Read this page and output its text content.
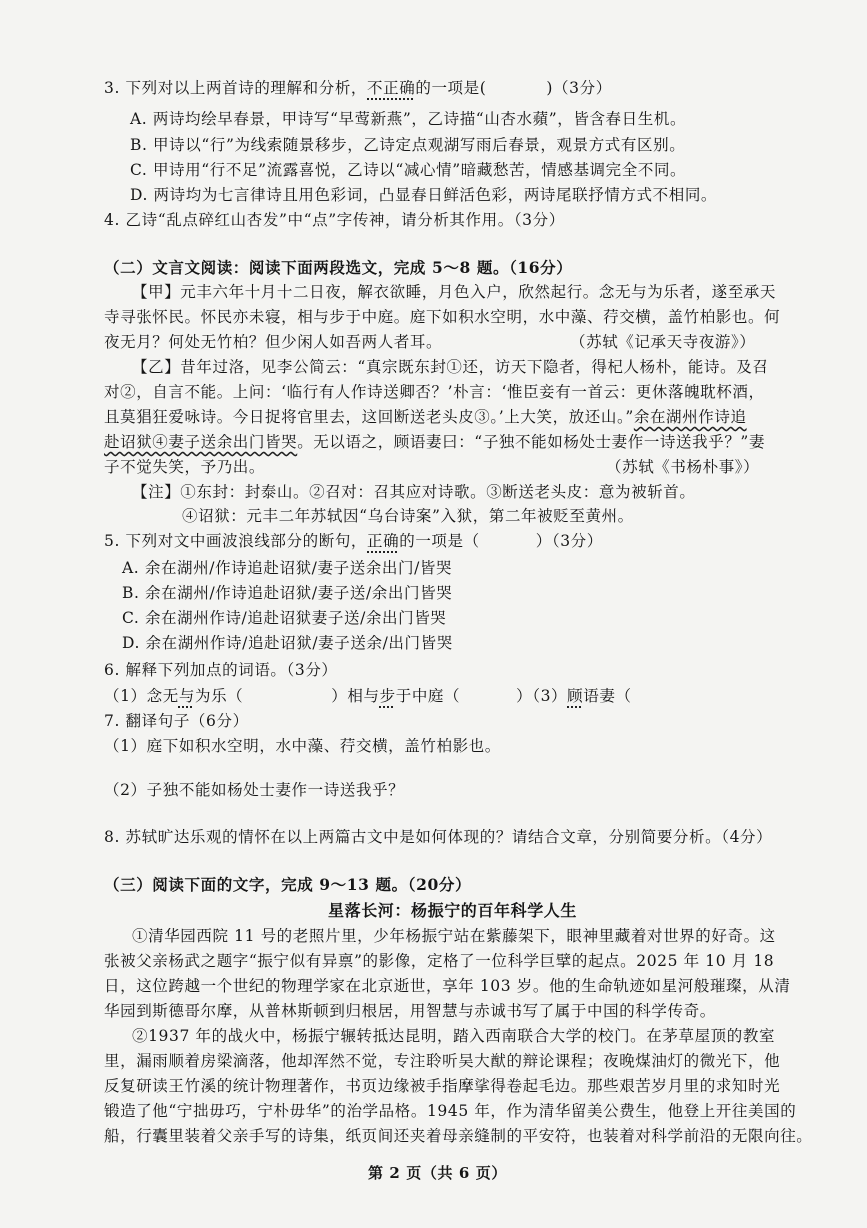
3. 下列对以上两首诗的理解和分析，不正确的一项是(	)（3分）
A. 两诗均绘早春景，甲诗写“早莺新燕”，乙诗描“山杏水蘋”，皆含春日生机。
B. 甲诗以“行”为线索随景移步，乙诗定点观湖写雨后春景，观景方式有区别。
C. 甲诗用“行不足”流露喜悦，乙诗以“减心情”暗藏愁苦，情感基调完全不同。
D. 两诗均为七言律诗且用色彩词，凸显春日鲜活色彩，两诗尾联抒情方式不相同。
4. 乙诗“乱点碎红山杏发”中“点”字传神，请分析其作用。（3分）
（二）文言文阅读：阅读下面两段选文，完成 5～8 题。（16分）
【甲】元丰六年十月十二日夜，解衣欲睡，月色入户，欣然起行。念无与为乐者，遂至承天
寺寻张怀民。怀民亦未寝，相与步于中庭。庭下如积水空明，水中藻、荇交横，盖竹柏影也。何
夜无月？何处无竹柏？但少闲人如吾两人者耳。	（苏轼《记承天寺夜游》）
【乙】昔年过洛，见李公简云：“真宗既东封①还，访天下隐者，得杞人杨朴，能诗。及召
对②，自言不能。上问：‘临行有人作诗送卿否？’朴言：‘惟臣妾有一首云：更休落魄耽杯酒，
且莫猖狂爱咏诗。今日捉将官里去，这回断送老头皮③。’上大笑，放还山。”余在湖州作诗追
赴诏狱④妻子送余出门皆哭。无以语之，顾语妻曰：“子独不能如杨处士妻作一诗送我乎？”妻
子不觉失笑，予乃出。	（苏轼《书杨朴事》）
【注】①东封：封泰山。②召对：召其应对诗歌。③断送老头皮：意为被斩首。
④诏狱：元丰二年苏轼因“乌台诗案”入狱，第二年被贬至黄州。
5. 下列对文中画波浪线部分的断句，正确的一项是（	）（3分）
A. 余在湖州/作诗追赴诏狱/妻子送余出门/皆哭
B. 余在湖州/作诗追赴诏狱/妻子送/余出门皆哭
C. 余在湖州作诗/追赴诏狱妻子送/余出门皆哭
D. 余在湖州作诗/追赴诏狱/妻子送余/出门皆哭
6. 解释下列加点的词语。（3分）
（1）念无与为乐（	）相与步于中庭（	）（3）顾语妻（
7. 翻译句子（6分）
（1）庭下如积水空明，水中藻、荇交横，盖竹柏影也。
（2）子独不能如杨处士妻作一诗送我乎？
8. 苏轼旷达乐观的情怀在以上两篇古文中是如何体现的？请结合文章，分别简要分析。（4分）
（三）阅读下面的文字，完成 9～13 题。（20分）
星落长河：杨振宁的百年科学人生
①清华园西院 11 号的老照片里，少年杨振宁站在紫藤架下，眼神里藏着对世界的好奇。这
张被父亲杨武之题字“振宁似有异禀”的影像，定格了一位科学巨擘的起点。2025 年 10 月 18
日，这位跨越一个世纪的物理学家在北京逝世，享年 103 岁。他的生命轨迹如星河般璀璨，从清
华园到斯德哥尔摩，从普林斯顿到归根居，用智慧与赤诚书写了属于中国的科学传奇。
②1937 年的战火中，杨振宁辗转抵达昆明，踏入西南联合大学的校门。在茅草屋顶的教室
里，漏雨顺着房梁滴落，他却浑然不觉，专注聆听吴大猷的辩论课程；夜晚煤油灯的微光下，他
反复研读王竹溪的统计物理著作，书页边缘被手指摩挲得卷起毛边。那些艰苦岁月里的求知时光
锻造了他“宁拙毋巧，宁朴毋华”的治学品格。1945 年，作为清华留美公费生，他登上开往美国的
船，行囊里装着父亲手写的诗集，纸页间还夹着母亲缝制的平安符，也装着对科学前沿的无限向往。
第 2 页（共 6 页）
